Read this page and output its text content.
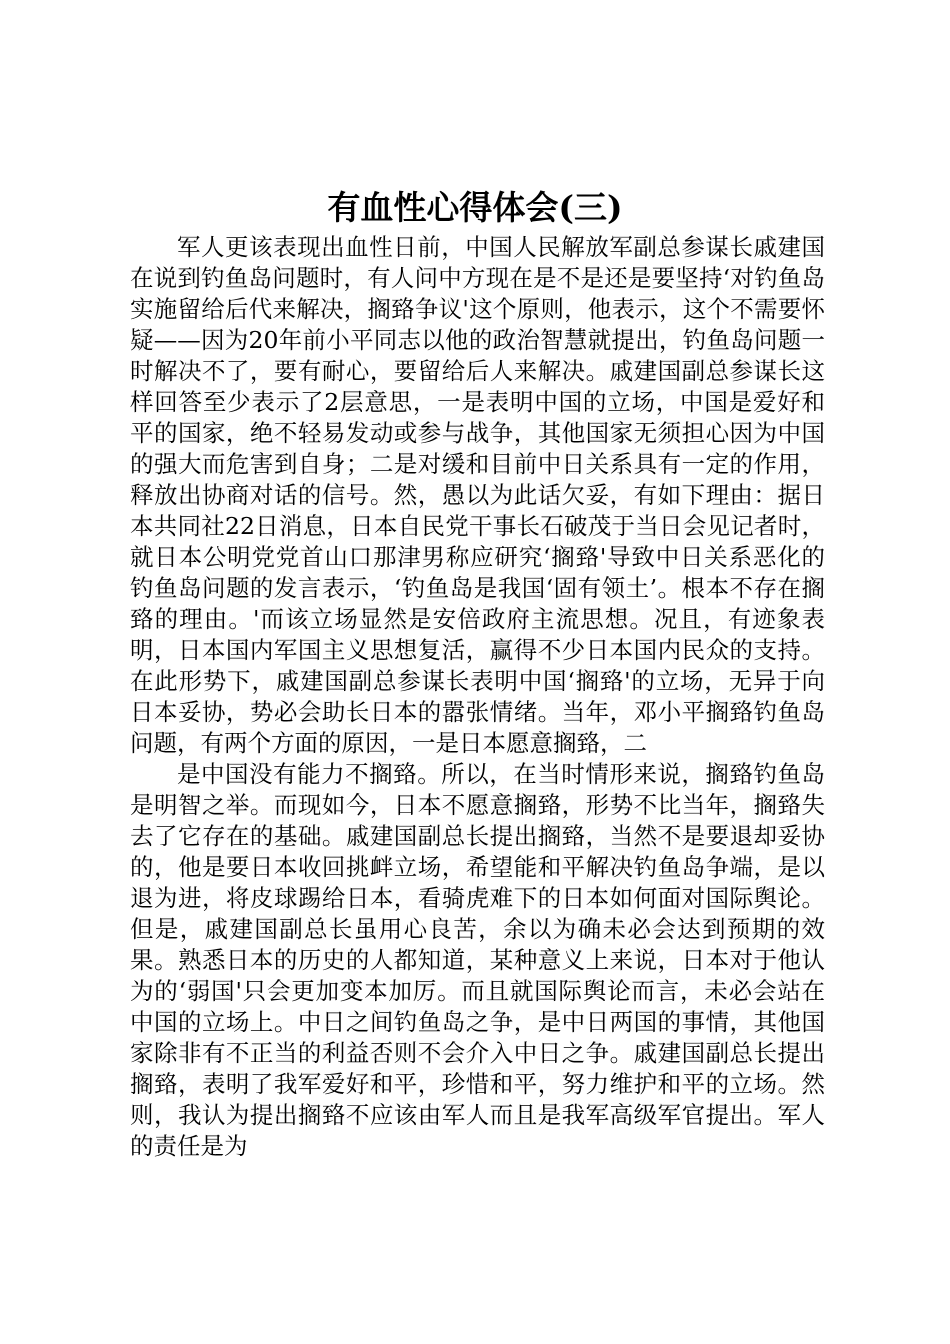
有血性心得体会(三)

军人更该表现出血性日前，中国人民解放军副总参谋长戚建国在说到钓鱼岛问题时，有人问中方现在是不是还是要坚持‘对钓鱼岛实施留给后代来解决，搁臵争议'这个原则，他表示，这个不需要怀疑——因为20年前小平同志以他的政治智慧就提出，钓鱼岛问题一时解决不了，要有耐心，要留给后人来解决。戚建国副总参谋长这样回答至少表示了2层意思，一是表明中国的立场，中国是爱好和平的国家，绝不轻易发动或参与战争，其他国家无须担心因为中国的强大而危害到自身；二是对缓和目前中日关系具有一定的作用，释放出协商对话的信号。然，愚以为此话欠妥，有如下理由：据日本共同社22日消息，日本自民党干事长石破茂于当日会见记者时，就日本公明党党首山口那津男称应研究‘搁臵'导致中日关系恶化的钓鱼岛问题的发言表示，‘钓鱼岛是我国‘固有领土’。根本不存在搁臵的理由。'而该立场显然是安倍政府主流思想。况且，有迹象表明，日本国内军国主义思想复活，赢得不少日本国内民众的支持。在此形势下，戚建国副总参谋长表明中国‘搁臵'的立场，无异于向日本妥协，势必会助长日本的嚣张情绪。当年，邓小平搁臵钓鱼岛问题，有两个方面的原因，一是日本愿意搁臵，二

是中国没有能力不搁臵。所以，在当时情形来说，搁臵钓鱼岛是明智之举。而现如今，日本不愿意搁臵，形势不比当年，搁臵失去了它存在的基础。戚建国副总长提出搁臵，当然不是要退却妥协的，他是要日本收回挑衅立场，希望能和平解决钓鱼岛争端，是以退为进，将皮球踢给日本，看骑虎难下的日本如何面对国际舆论。但是，戚建国副总长虽用心良苦，余以为确未必会达到预期的效果。熟悉日本的历史的人都知道，某种意义上来说，日本对于他认为的‘弱国'只会更加变本加厉。而且就国际舆论而言，未必会站在中国的立场上。中日之间钓鱼岛之争，是中日两国的事情，其他国家除非有不正当的利益否则不会介入中日之争。戚建国副总长提出搁臵，表明了我军爱好和平，珍惜和平，努力维护和平的立场。然则，我认为提出搁臵不应该由军人而且是我军高级军官提出。军人的责任是为
